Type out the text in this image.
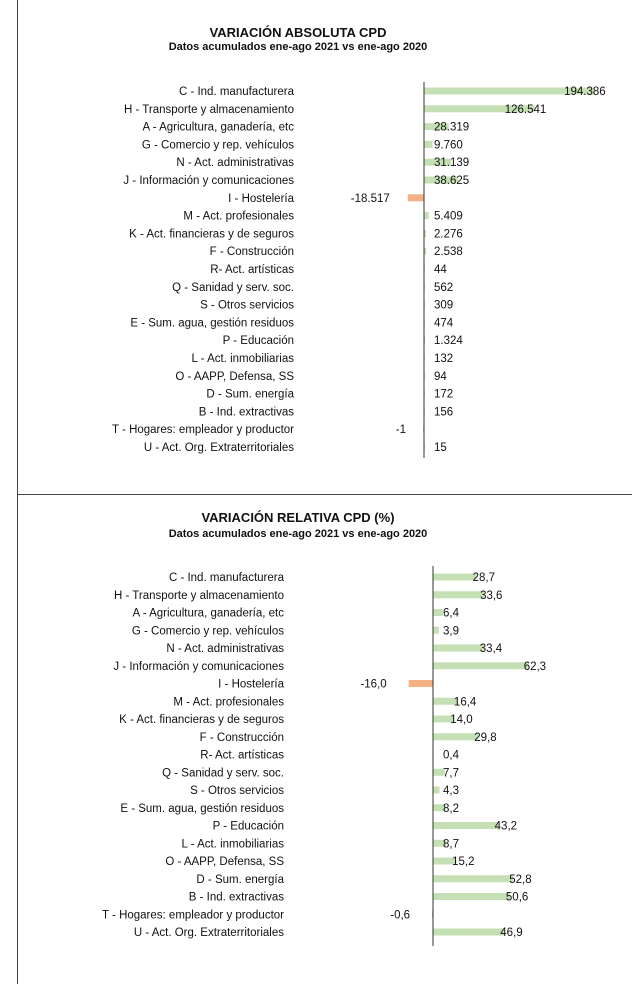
VARIACIÓN ABSOLUTA CPD
Datos acumulados ene-ago 2021 vs ene-ago 2020
C - Ind. manufacturera	194.386
H - Transporte y almacenamiento	126.541
A - Agricultura, ganadería, etc	28.319
G - Comercio y rep. vehículos	9.760
N - Act. administrativas	31.139
J - Información y comunicaciones	38.625
I - Hostelería	-18.517
M - Act. profesionales	5.409
K - Act. financieras y de seguros	2.276
F - Construcción	2.538
R- Act. artísticas	44
Q - Sanidad y serv. soc.	562
S - Otros servicios	309
E - Sum. agua, gestión residuos	474
P - Educación	1.324
L - Act. inmobiliarias	132
O - AAPP, Defensa, SS	94
D - Sum. energía	172
B - Ind. extractivas	156
T - Hogares: empleador y productor	-1
U - Act. Org. Extraterritoriales	15
VARIACIÓN RELATIVA CPD (%)
Datos acumulados ene-ago 2021 vs ene-ago 2020
C - Ind. manufacturera	28,7
H - Transporte y almacenamiento	33,6
A - Agricultura, ganadería, etc	6,4
G - Comercio y rep. vehículos	3,9
N - Act. administrativas	33,4
J - Información y comunicaciones	62,3
I - Hostelería	-16,0
M - Act. profesionales	16,4
K - Act. financieras y de seguros	14,0
F - Construcción	29,8
R- Act. artísticas	0,4
Q - Sanidad y serv. soc.	7,7
S - Otros servicios	4,3
E - Sum. agua, gestión residuos	8,2
P - Educación	43,2
L - Act. inmobiliarias	8,7
O - AAPP, Defensa, SS	15,2
D - Sum. energía	52,8
B - Ind. extractivas	50,6
T - Hogares: empleador y productor	-0,6
U - Act. Org. Extraterritoriales	46,9
